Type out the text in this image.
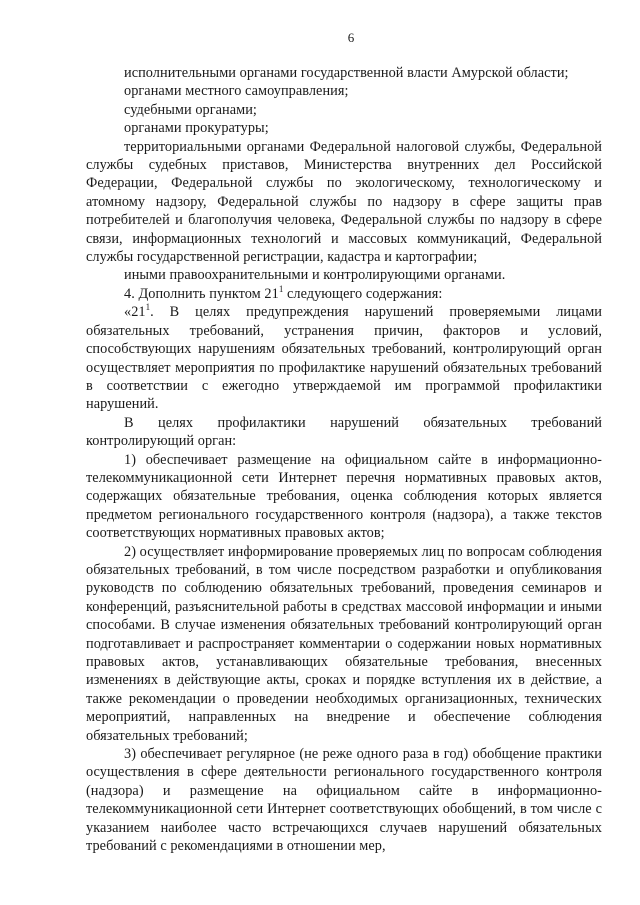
6

исполнительными органами государственной власти Амурской области;

органами местного самоуправления;

судебными органами;

органами прокуратуры;

территориальными органами Федеральной налоговой службы, Федеральной службы судебных приставов, Министерства внутренних дел Российской Федерации, Федеральной службы по экологическому, технологическому и атомному надзору, Федеральной службы по надзору в сфере защиты прав потребителей и благополучия человека, Федеральной службы по надзору в сфере связи, информационных технологий и массовых коммуникаций, Федеральной службы государственной регистрации, кадастра и картографии;

иными правоохранительными и контролирующими органами.

4. Дополнить пунктом $21^1$ следующего содержания:

«$21^1$. В целях предупреждения нарушений проверяемыми лицами обязательных требований, устранения причин, факторов и условий, способствующих нарушениям обязательных требований, контролирующий орган осуществляет мероприятия по профилактике нарушений обязательных требований в соответствии с ежегодно утверждаемой им программой профилактики нарушений.

В целях профилактики нарушений обязательных требований контролирующий орган:

1) обеспечивает размещение на официальном сайте в информационно-телекоммуникационной сети Интернет перечня нормативных правовых актов, содержащих обязательные требования, оценка соблюдения которых является предметом регионального государственного контроля (надзора), а также текстов соответствующих нормативных правовых актов;

2) осуществляет информирование проверяемых лиц по вопросам соблюдения обязательных требований, в том числе посредством разработки и опубликования руководств по соблюдению обязательных требований, проведения семинаров и конференций, разъяснительной работы в средствах массовой информации и иными способами. В случае изменения обязательных требований контролирующий орган подготавливает и распространяет комментарии о содержании новых нормативных правовых актов, устанавливающих обязательные требования, внесенных изменениях в действующие акты, сроках и порядке вступления их в действие, а также рекомендации о проведении необходимых организационных, технических мероприятий, направленных на внедрение и обеспечение соблюдения обязательных требований;

3) обеспечивает регулярное (не реже одного раза в год) обобщение практики осуществления в сфере деятельности регионального государственного контроля (надзора) и размещение на официальном сайте в информационно-телекоммуникационной сети Интернет соответствующих обобщений, в том числе с указанием наиболее часто встречающихся случаев нарушений обязательных требований с рекомендациями в отношении мер,
